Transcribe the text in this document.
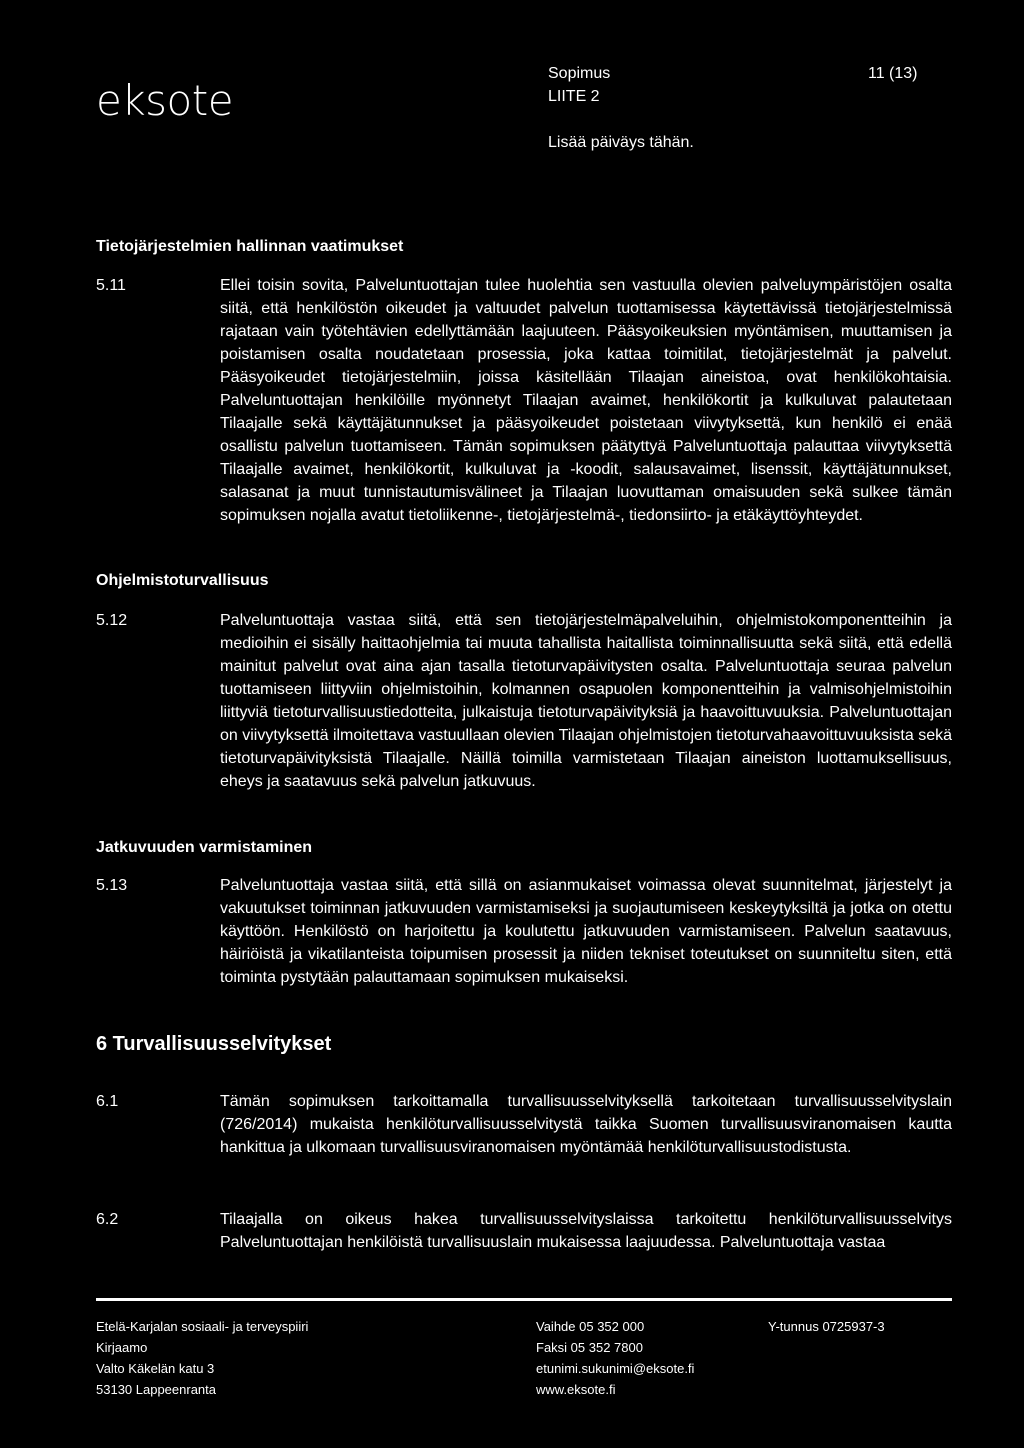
eksote
Sopimus
LIITE 2
Lisää päiväys tähän.
11 (13)
Tietojärjestelmien hallinnan vaatimukset
5.11	Ellei toisin sovita, Palveluntuottajan tulee huolehtia sen vastuulla olevien palveluympäristöjen osalta siitä, että henkilöstön oikeudet ja valtuudet palvelun tuottamisessa käytettävissä tietojärjestelmissä rajataan vain työtehtävien edellyttämään laajuuteen. Pääsyoikeuksien myöntämisen, muuttamisen ja poistamisen osalta noudatetaan prosessia, joka kattaa toimitilat, tietojärjestelmät ja palvelut. Pääsyoikeudet tietojärjestelmiin, joissa käsitellään Tilaajan aineistoa, ovat henkilökohtaisia. Palveluntuottajan henkilöille myönnetyt Tilaajan avaimet, henkilökortit ja kulkuluvat palautetaan Tilaajalle sekä käyttäjätunnukset ja pääsyoikeudet poistetaan viivytyksettä, kun henkilö ei enää osallistu palvelun tuottamiseen. Tämän sopimuksen päätyttyä Palveluntuottaja palauttaa viivytyksettä Tilaajalle avaimet, henkilökortit, kulkuluvat ja -koodit, salausavaimet, lisenssit, käyttäjätunnukset, salasanat ja muut tunnistautumisvälineet ja Tilaajan luovuttaman omaisuuden sekä sulkee tämän sopimuksen nojalla avatut tietoliikenne-, tietojärjestelmä-, tiedonsiirto- ja etäkäyttöyhteydet.
Ohjelmistoturvallisuus
5.12	Palveluntuottaja vastaa siitä, että sen tietojärjestelmäpalveluihin, ohjelmistokomponentteihin ja medioihin ei sisälly haittaohjelmia tai muuta tahallista haitallista toiminnallisuutta sekä siitä, että edellä mainitut palvelut ovat aina ajan tasalla tietoturvapäivitysten osalta. Palveluntuottaja seuraa palvelun tuottamiseen liittyviin ohjelmistoihin, kolmannen osapuolen komponentteihin ja valmisohjelmistoihin liittyviä tietoturvallisuustiedotteita, julkaistuja tietoturvapäivityksiä ja haavoittuvuuksia. Palveluntuottajan on viivytyksettä ilmoitettava vastuullaan olevien Tilaajan ohjelmistojen tietoturvahaavoittuvuuksista sekä tietoturvapäivityksistä Tilaajalle. Näillä toimilla varmistetaan Tilaajan aineiston luottamuksellisuus, eheys ja saatavuus sekä palvelun jatkuvuus.
Jatkuvuuden varmistaminen
5.13	Palveluntuottaja vastaa siitä, että sillä on asianmukaiset voimassa olevat suunnitelmat, järjestelyt ja vakuutukset toiminnan jatkuvuuden varmistamiseksi ja suojautumiseen keskeytyksiltä ja jotka on otettu käyttöön. Henkilöstö on harjoitettu ja koulutettu jatkuvuuden varmistamiseen. Palvelun saatavuus, häiriöistä ja vikatilanteista toipumisen prosessit ja niiden tekniset toteutukset on suunniteltu siten, että toiminta pystytään palauttamaan sopimuksen mukaiseksi.
6 Turvallisuusselvitykset
6.1	Tämän sopimuksen tarkoittamalla turvallisuusselvityksellä tarkoitetaan turvallisuusselvityslain (726/2014) mukaista henkilöturvallisuusselvitystä taikka Suomen turvallisuusviranomaisen kautta hankittua ja ulkomaan turvallisuusviranomaisen myöntämää henkilöturvallisuustodistusta.
6.2	Tilaajalla on oikeus hakea turvallisuusselvityslaissa tarkoitettu henkilöturvallisuusselvitys Palveluntuottajan henkilöistä turvallisuuslain mukaisessa laajuudessa. Palveluntuottaja vastaa
Etelä-Karjalan sosiaali- ja terveyspiiri
Kirjaamo
Valto Käkelän katu 3
53130 Lappeenranta
Vaihde 05 352 000
Faksi 05 352 7800
etunimi.sukunimi@eksote.fi
www.eksote.fi
Y-tunnus 0725937-3
